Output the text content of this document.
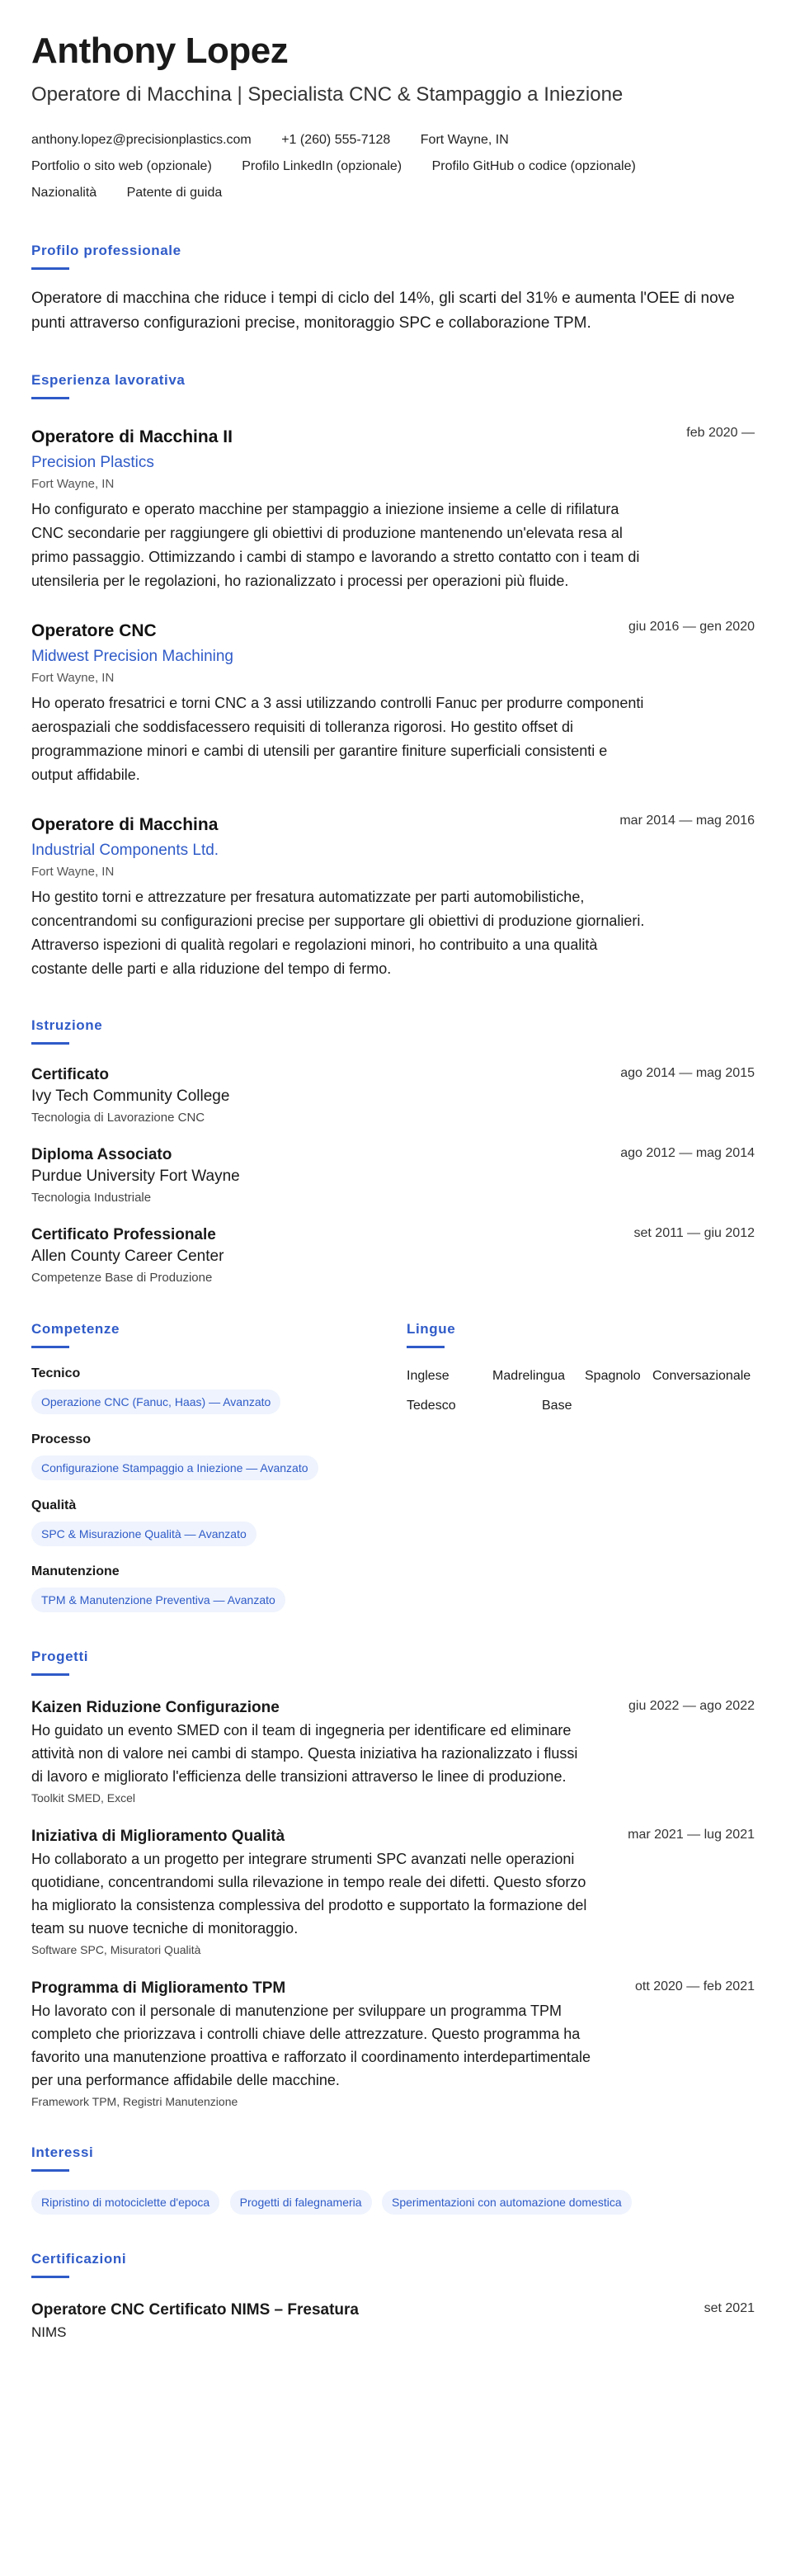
Anthony Lopez
Operatore di Macchina | Specialista CNC & Stampaggio a Iniezione
anthony.lopez@precisionplastics.com +1 (260) 555-7128 Fort Wayne, IN
Portfolio o sito web (opzionale) Profilo LinkedIn (opzionale) Profilo GitHub o codice (opzionale)
Nazionalità Patente di guida
Profilo professionale
Operatore di macchina che riduce i tempi di ciclo del 14%, gli scarti del 31% e aumenta l'OEE di nove punti attraverso configurazioni precise, monitoraggio SPC e collaborazione TPM.
Esperienza lavorativa
Operatore di Macchina II	feb 2020 —
Precision Plastics
Fort Wayne, IN
Ho configurato e operato macchine per stampaggio a iniezione insieme a celle di rifilatura CNC secondarie per raggiungere gli obiettivi di produzione mantenendo un'elevata resa al primo passaggio. Ottimizzando i cambi di stampo e lavorando a stretto contatto con i team di utensileria per le regolazioni, ho razionalizzato i processi per operazioni più fluide.
Operatore CNC	giu 2016 — gen 2020
Midwest Precision Machining
Fort Wayne, IN
Ho operato fresatrici e torni CNC a 3 assi utilizzando controlli Fanuc per produrre componenti aerospaziali che soddisfacessero requisiti di tolleranza rigorosi. Ho gestito offset di programmazione minori e cambi di utensili per garantire finiture superficiali consistenti e output affidabile.
Operatore di Macchina	mar 2014 — mag 2016
Industrial Components Ltd.
Fort Wayne, IN
Ho gestito torni e attrezzature per fresatura automatizzate per parti automobilistiche, concentrandomi su configurazioni precise per supportare gli obiettivi di produzione giornalieri. Attraverso ispezioni di qualità regolari e regolazioni minori, ho contribuito a una qualità costante delle parti e alla riduzione del tempo di fermo.
Istruzione
Certificato	ago 2014 — mag 2015
Ivy Tech Community College
Tecnologia di Lavorazione CNC
Diploma Associato	ago 2012 — mag 2014
Purdue University Fort Wayne
Tecnologia Industriale
Certificato Professionale	set 2011 — giu 2012
Allen County Career Center
Competenze Base di Produzione
Competenze
Tecnico
Operazione CNC (Fanuc, Haas) — Avanzato
Processo
Configurazione Stampaggio a Iniezione — Avanzato
Qualità
SPC & Misurazione Qualità — Avanzato
Manutenzione
TPM & Manutenzione Preventiva — Avanzato
Lingue
Inglese	Madrelingua	Spagnolo Conversazionale
Tedesco	Base
Progetti
Kaizen Riduzione Configurazione	giu 2022 — ago 2022
Ho guidato un evento SMED con il team di ingegneria per identificare ed eliminare attività non di valore nei cambi di stampo. Questa iniziativa ha razionalizzato i flussi di lavoro e migliorato l'efficienza delle transizioni attraverso le linee di produzione.
Toolkit SMED, Excel
Iniziativa di Miglioramento Qualità	mar 2021 — lug 2021
Ho collaborato a un progetto per integrare strumenti SPC avanzati nelle operazioni quotidiane, concentrandomi sulla rilevazione in tempo reale dei difetti. Questo sforzo ha migliorato la consistenza complessiva del prodotto e supportato la formazione del team su nuove tecniche di monitoraggio.
Software SPC, Misuratori Qualità
Programma di Miglioramento TPM	ott 2020 — feb 2021
Ho lavorato con il personale di manutenzione per sviluppare un programma TPM completo che priorizzava i controlli chiave delle attrezzature. Questo programma ha favorito una manutenzione proattiva e rafforzato il coordinamento interdepartimentale per una performance affidabile delle macchine.
Framework TPM, Registri Manutenzione
Interessi
Ripristino di motociclette d'epoca	Progetti di falegnameria	Sperimentazioni con automazione domestica
Certificazioni
Operatore CNC Certificato NIMS – Fresatura	set 2021
NIMS
